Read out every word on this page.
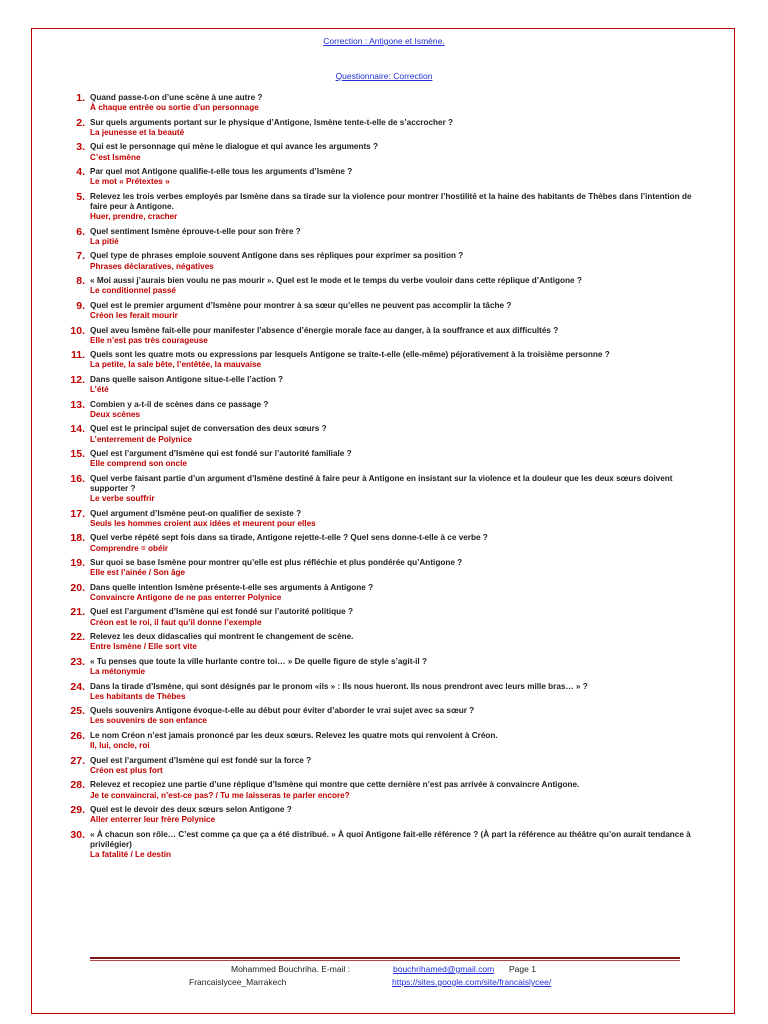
Correction : Antigone et Ismène.
Questionnaire: Correction
1. Quand passe-t-on d’une scène à une autre ?
À chaque entrée ou sortie d’un personnage
2. Sur quels arguments portant sur le physique d’Antigone, Ismène tente-t-elle de s’accrocher ?
La jeunesse et la beauté
3. Qui est le personnage qui mène le dialogue et qui avance les arguments ?
C’est Ismène
4. Par quel mot Antigone qualifie-t-elle tous les arguments d’Ismène ?
Le mot « Prétextes »
5. Relevez les trois verbes employés par Ismène dans sa tirade sur la violence pour montrer l’hostilité et la haine des habitants de Thèbes dans l’intention de faire peur à Antigone.
Huer, prendre, cracher
6. Quel sentiment Ismène éprouve-t-elle pour son frère ?
La pitié
7. Quel type de phrases emploie souvent Antigone dans ses répliques pour exprimer sa position ?
Phrases déclaratives, négatives
8. « Moi aussi j’aurais bien voulu ne pas mourir ». Quel est le mode et le temps du verbe vouloir dans cette réplique d’Antigone ?
Le conditionnel passé
9. Quel est le premier argument d’Ismène pour montrer à sa sœur qu’elles ne peuvent pas accomplir la tâche ?
Créon les ferait mourir
10. Quel aveu Ismène fait-elle pour manifester l’absence d’énergie morale face au danger, à la souffrance et aux difficultés ?
Elle n’est pas très courageuse
11. Quels sont les quatre mots ou expressions par lesquels Antigone se traite-t-elle (elle-même) péjorativement à la troisième personne ?
La petite, la sale bête, l’entêtée, la mauvaise
12. Dans quelle saison Antigone situe-t-elle l’action ?
L’été
13. Combien y a-t-il de scènes dans ce passage ?
Deux scènes
14. Quel est le principal sujet de conversation des deux sœurs ?
L’enterrement de Polynice
15. Quel est l’argument d’Ismène qui est fondé sur l’autorité familiale ?
Elle comprend son oncle
16. Quel verbe faisant partie d’un argument d’Ismène destiné à faire peur à Antigone en insistant sur la violence et la douleur que les deux sœurs doivent supporter ?
Le verbe souffrir
17. Quel argument d’Ismène peut-on qualifier de sexiste ?
Seuls les hommes croient aux idées et meurent pour elles
18. Quel verbe répété sept fois dans sa tirade, Antigone rejette-t-elle ? Quel sens donne-t-elle à ce verbe ?
Comprendre = obéir
19. Sur quoi se base Ismène pour montrer qu’elle est plus réfléchie et plus pondérée qu’Antigone ?
Elle est l’ainée / Son âge
20. Dans quelle intention Ismène présente-t-elle ses arguments à Antigone ?
Convaincre Antigone de ne pas enterrer Polynice
21. Quel est l’argument d’Ismène qui est fondé sur l’autorité politique ?
Créon est le roi, il faut qu’il donne l’exemple
22. Relevez les deux didascalies qui montrent le changement de scène.
Entre Ismène / Elle sort vite
23. « Tu penses que toute la ville hurlante contre toi… » De quelle figure de style s’agit-il ?
La métonymie
24. Dans la tirade d’Ismène, qui sont désignés par le pronom «ils » : Ils nous hueront. Ils nous prendront avec leurs mille bras… » ?
Les habitants de Thèbes
25. Quels souvenirs Antigone évoque-t-elle au début pour éviter d’aborder le vrai sujet avec sa sœur ?
Les souvenirs de son enfance
26. Le nom Créon n’est jamais prononcé par les deux sœurs. Relevez les quatre mots qui renvoient à Créon.
Il, lui, oncle, roi
27. Quel est l’argument d’Ismène qui est fondé sur la force ?
Créon est plus fort
28. Relevez et recopiez une partie d’une réplique d’Ismène qui montre que cette dernière n’est pas arrivée à convaincre Antigone.
Je te convaincrai, n’est-ce pas? / Tu me laisseras te parler encore?
29. Quel est le devoir des deux sœurs selon Antigone ?
Aller enterrer leur frère Polynice
30. « À chacun son rôle… C’est comme ça que ça a été distribué. » À quoi Antigone fait-elle référence ? (À part la référence au théâtre qu’on aurait tendance à privilégier)
La fatalité / Le destin
Mohammed Bouchriha. E-mail :	bouchrihamed@gmail.com Page 1
Francaislycee_Marrakech	https://sites.google.com/site/francaislycee/
